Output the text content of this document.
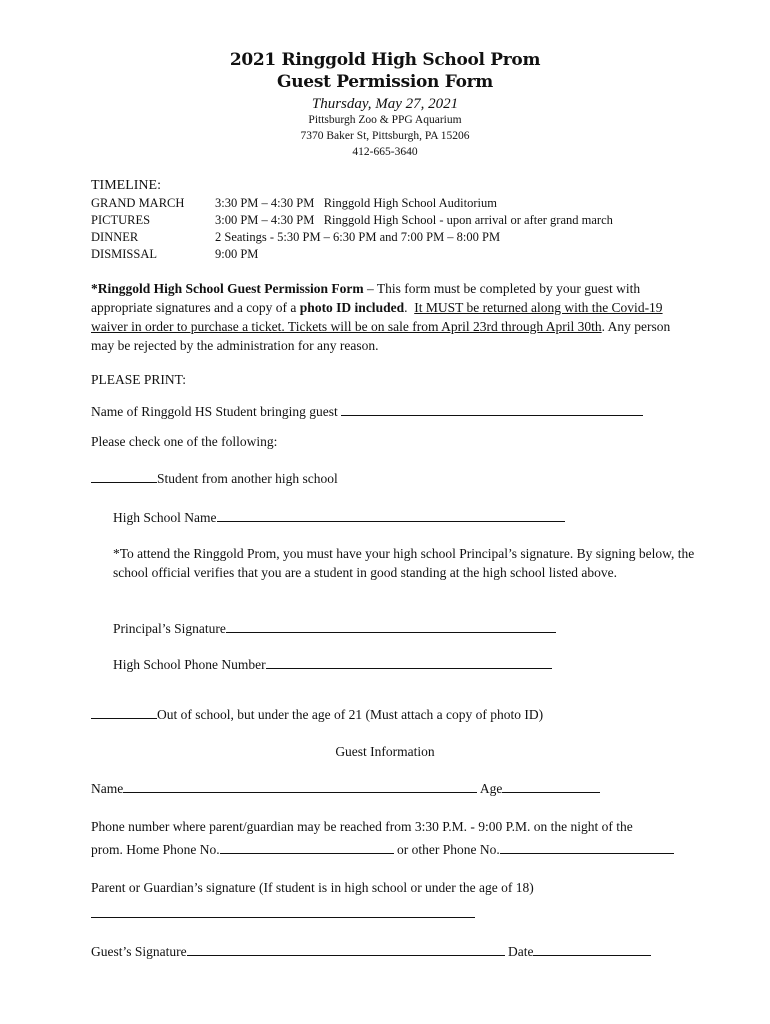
2021 Ringgold High School Prom
Guest Permission Form
Thursday, May 27, 2021
Pittsburgh Zoo & PPG Aquarium
7370 Baker St, Pittsburgh, PA 15206
412-665-3640
TIMELINE:
GRAND MARCH 3:30 PM – 4:30 PM   Ringgold High School Auditorium
PICTURES	3:00 PM – 4:30 PM   Ringgold High School - upon arrival or after grand march
DINNER	2 Seatings - 5:30 PM – 6:30 PM and 7:00 PM – 8:00 PM
DISMISSAL	9:00 PM
*Ringgold High School Guest Permission Form – This form must be completed by your guest with appropriate signatures and a copy of a photo ID included.  It MUST be returned along with the Covid-19 waiver in order to purchase a ticket. Tickets will be on sale from April 23rd through April 30th. Any person may be rejected by the administration for any reason.
PLEASE PRINT:
Name of Ringgold HS Student bringing guest
Please check one of the following:
Student from another high school
High School Name
*To attend the Ringgold Prom, you must have your high school Principal’s signature. By signing below, the school official verifies that you are a student in good standing at the high school listed above.
Principal’s Signature
High School Phone Number
Out of school, but under the age of 21 (Must attach a copy of photo ID)
Guest Information
Name	Age
Phone number where parent/guardian may be reached from 3:30 P.M. - 9:00 P.M. on the night of the
prom. Home Phone No.	or other Phone No.
Parent or Guardian’s signature (If student is in high school or under the age of 18)
Guest’s Signature	Date
